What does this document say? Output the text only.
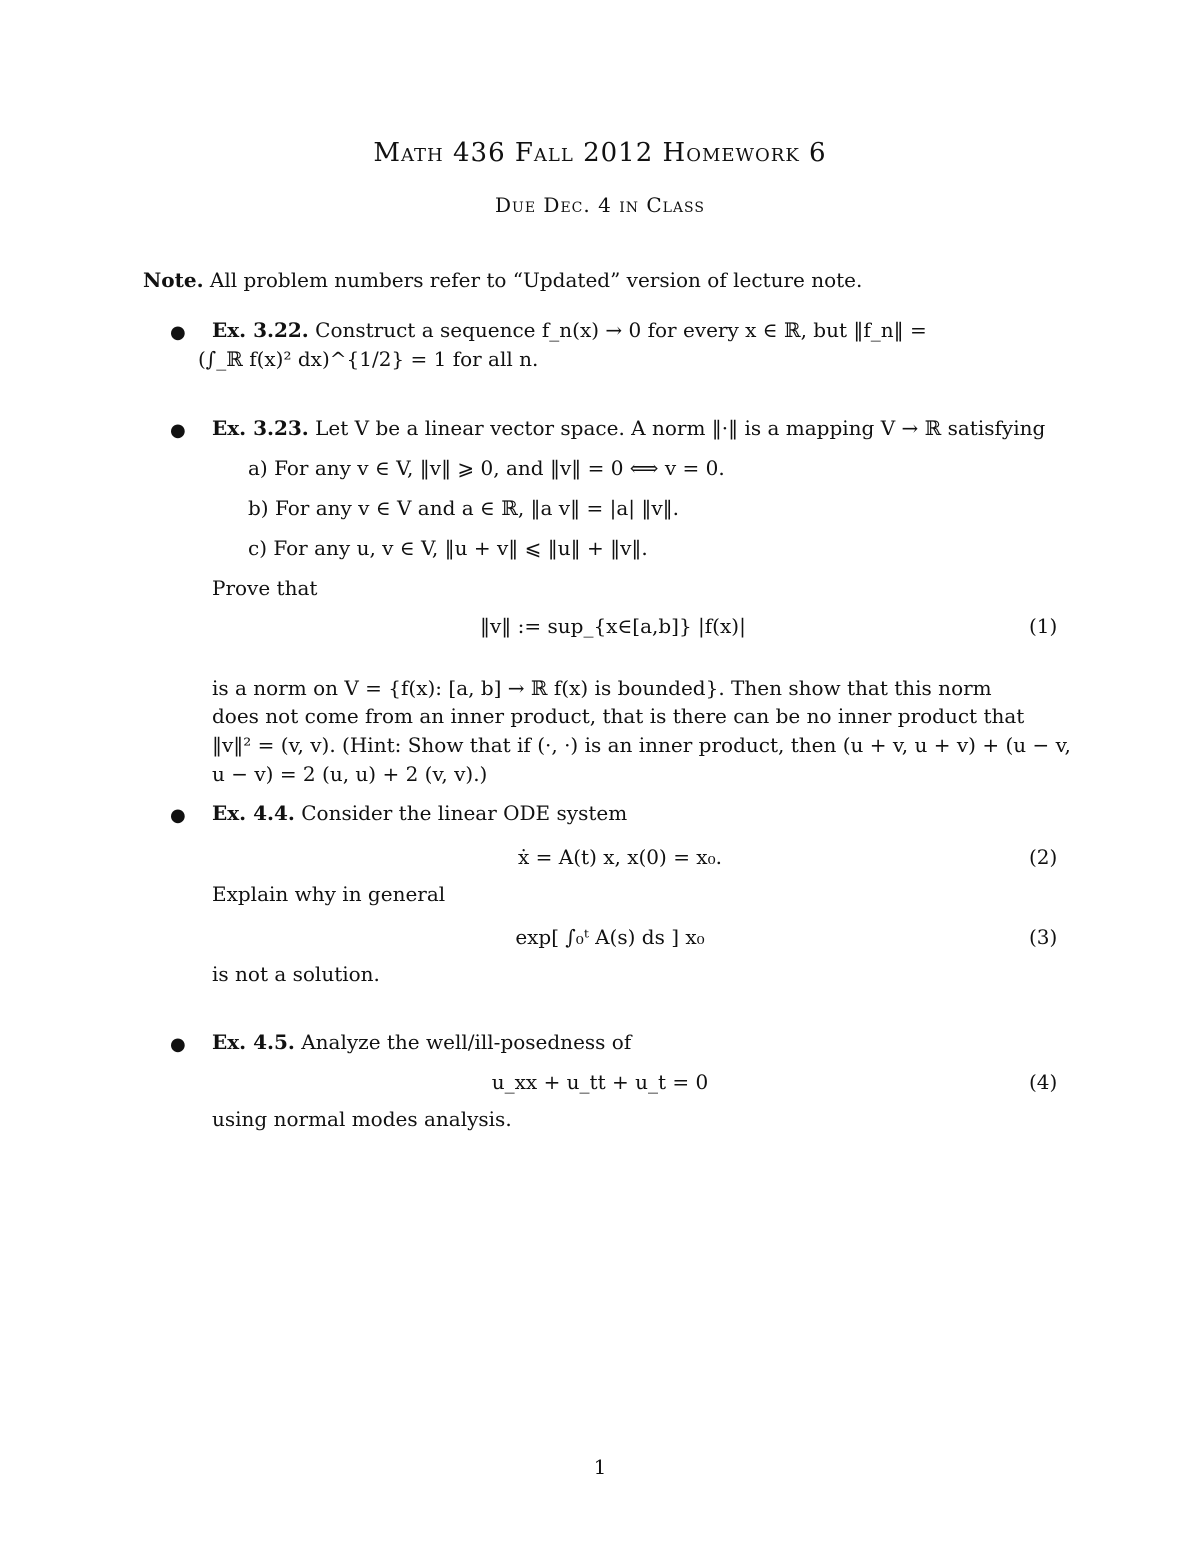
Math 436 Fall 2012 Homework 6
Due Dec. 4 in Class
Note. All problem numbers refer to “Updated” version of lecture note.
● Ex. 3.22. Construct a sequence f_n(x) → 0 for every x ∈ ℝ, but ‖f_n‖ =
(∫_ℝ f(x)² dx)^{1/2} = 1 for all n.
● Ex. 3.23. Let V be a linear vector space. A norm ‖·‖ is a mapping V → ℝ satisfying
a) For any v ∈ V, ‖v‖ ⩾ 0, and ‖v‖ = 0 ⟺ v = 0.
b) For any v ∈ V and a ∈ ℝ, ‖a v‖ = |a| ‖v‖.
c) For any u, v ∈ V, ‖u + v‖ ⩽ ‖u‖ + ‖v‖.
Prove that
‖v‖ := sup_{x∈[a,b]} |f(x)|	(1)
is a norm on V = {f(x): [a, b] → ℝ f(x) is bounded}. Then show that this norm
does not come from an inner product, that is there can be no inner product that
‖v‖² = (v, v). (Hint: Show that if (·, ·) is an inner product, then (u + v, u + v) + (u − v,
u − v) = 2 (u, u) + 2 (v, v).)
● Ex. 4.4. Consider the linear ODE system
ẋ = A(t) x, x(0) = x₀.	(2)
Explain why in general
exp[ ∫₀ᵗ A(s) ds ] x₀	(3)
is not a solution.
● Ex. 4.5. Analyze the well/ill-posedness of
u_xx + u_tt + u_t = 0	(4)
using normal modes analysis.
1
